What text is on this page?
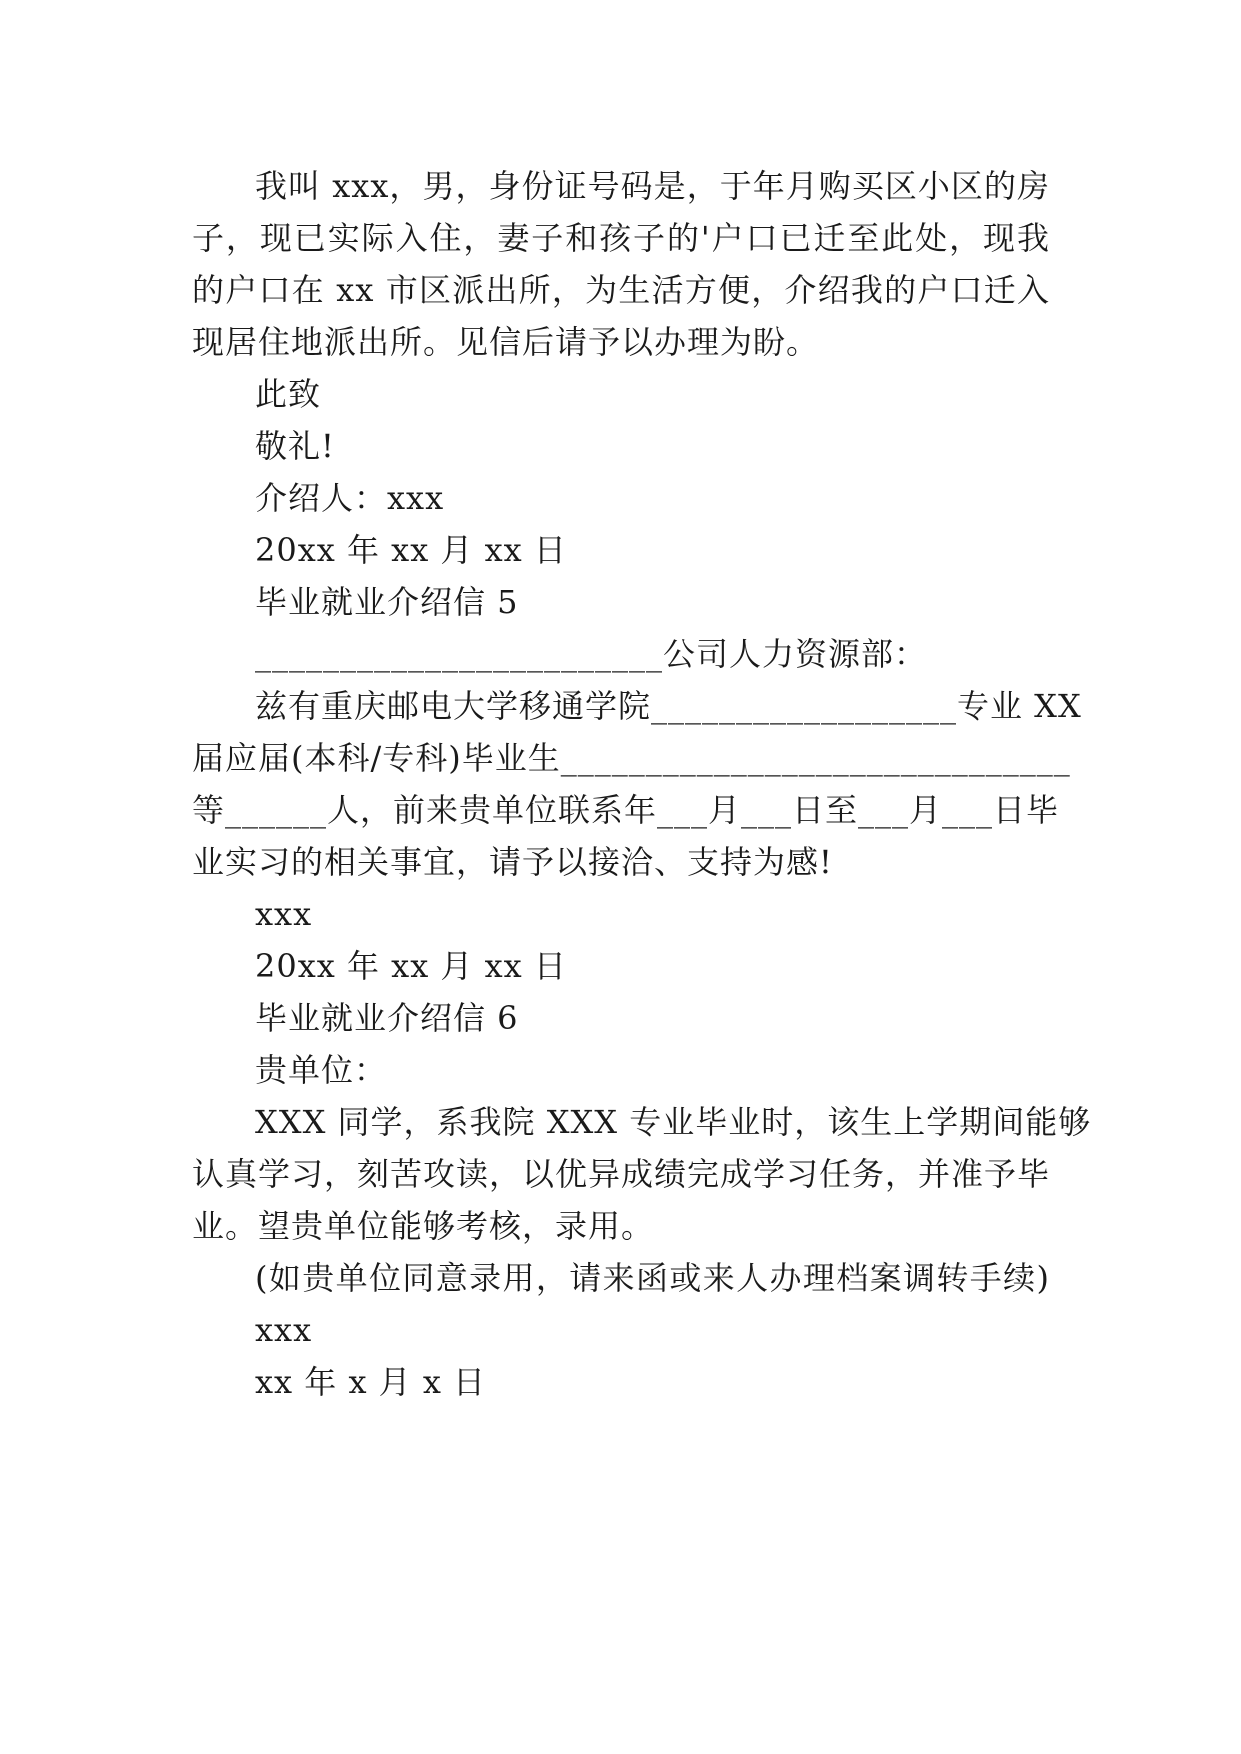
我叫 xxx，男，身份证号码是，于年月购买区小区的房
子，现已实际入住，妻子和孩子的'户口已迁至此处，现我
的户口在 xx 市区派出所，为生活方便，介绍我的户口迁入
现居住地派出所。见信后请予以办理为盼。
此致
敬礼!
介绍人：xxx
20xx 年 xx 月 xx 日
毕业就业介绍信 5
________________________公司人力资源部：
兹有重庆邮电大学移通学院__________________专业 XX
届应届(本科/专科)毕业生______________________________
等______人，前来贵单位联系年___月___日至___月___日毕
业实习的相关事宜，请予以接洽、支持为感!
xxx
20xx 年 xx 月 xx 日
毕业就业介绍信 6
贵单位：
XXX 同学，系我院 XXX 专业毕业时，该生上学期间能够
认真学习，刻苦攻读，以优异成绩完成学习任务，并准予毕
业。望贵单位能够考核，录用。
(如贵单位同意录用，请来函或来人办理档案调转手续)
xxx
xx 年 x 月 x 日
